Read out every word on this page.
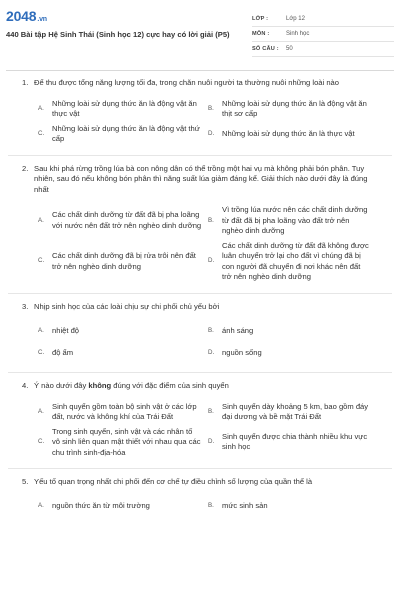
2048.vn
440 Bài tập Hệ Sinh Thái (Sinh học 12) cực hay có lời giải (P5)
LỚP :	Lớp 12
MÔN :	Sinh học
SỐ CÂU :	50
1. Để thu được tổng năng lượng tối đa, trong chăn nuôi người ta thường nuôi những loài nào
A.
Những loài sử dụng thức ăn là động vật ăn thực vật
B.
Những loài sử dụng thức ăn là động vật ăn thịt sơ cấp
C.
Những loài sử dụng thức ăn là động vật thứ cấp
D.	Những loài sử dụng thức ăn là thực vật
2. Sau khi phá rừng trồng lúa bà con nông dân có thể trồng một hai vụ mà không phải bón phân. Tuy nhiên, sau đó nếu không bón phân thì năng suất lúa giảm đáng kể. Giải thích nào dưới đây là đúng nhất
A.
Các chất dinh dưỡng từ đất đã bị pha loãng với nước nên đất trở nên nghèo dinh dưỡng
B.
Vì trồng lúa nước nên các chất dinh dưỡng từ đất đã bị pha loãng vào đất trở nên nghèo dinh dưỡng
C.
Các chất dinh dưỡng đã bị rửa trôi nên đất trở nên nghèo dinh dưỡng
D.
Các chất dinh dưỡng từ đất đã không được luân chuyển trở lại cho đất vì chúng đã bị con người đã chuyển đi nơi khác nên đất trở nên nghèo dinh dưỡng
3. Nhịp sinh học của các loài chịu sự chi phối chủ yếu bởi
A.	nhiệt độ	B.	ánh sáng
C.	độ ẩm	D.	nguồn sống
4. Ý nào dưới đây không đúng với đặc điểm của sinh quyển
A.
Sinh quyển gồm toàn bộ sinh vật ở các lớp đất, nước và không khí của Trái Đất
B.
Sinh quyển dày khoảng 5 km, bao gồm đáy đại dương và bề mặt Trái Đất
C.
Trong sinh quyển, sinh vật và các nhân tố vô sinh liên quan mật thiết với nhau qua các chu trình sinh-địa-hóa
D.
Sinh quyển được chia thành nhiều khu vực sinh học
5. Yếu tố quan trọng nhất chi phối đến cơ chế tự điều chỉnh số lượng của quần thể là
A.	nguồn thức ăn từ môi trường	B.	mức sinh sản
